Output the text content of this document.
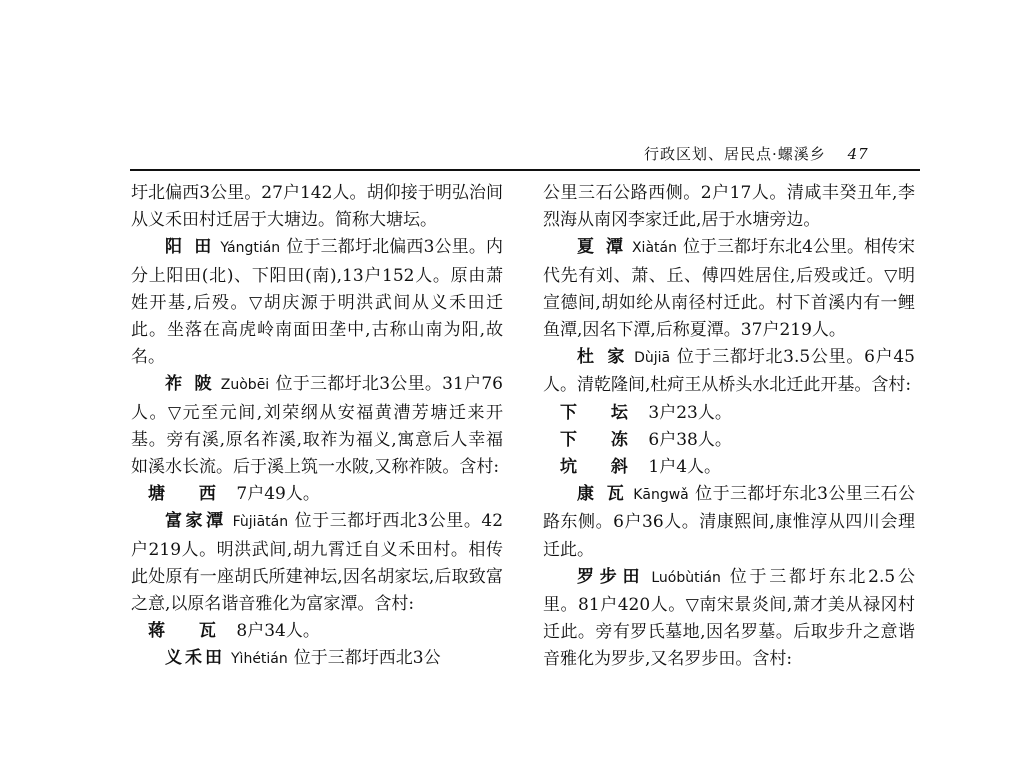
行政区划、居民点·螺溪乡 47

圩北偏西3公里。27户142人。胡仰接于明弘治间从义禾田村迁居于大塘边。简称大塘坛。

阳 田 Yángtián 位于三都圩北偏西3公里。内分上阳田(北)、下阳田(南),13户152人。原由萧姓开基,后殁。▽胡庆源于明洪武间从义禾田迁此。坐落在高虎岭南面田垄中,古称山南为阳,故名。

祚 陂 Zuòbēi 位于三都圩北3公里。31户76人。▽元至元间,刘荣纲从安福黄漕芳塘迁来开基。旁有溪,原名祚溪,取祚为福义,寓意后人幸福如溪水长流。后于溪上筑一水陂,又称祚陂。含村:

塘 西 7户49人。

富家潭 Fùjiātán 位于三都圩西北3公里。42户219人。明洪武间,胡九霄迁自义禾田村。相传此处原有一座胡氏所建神坛,因名胡家坛,后取致富之意,以原名谐音雅化为富家潭。含村:

蒋 瓦 8户34人。

义禾田 Yìhétián 位于三都圩西北3公

公里三石公路西侧。2户17人。清咸丰癸丑年,李烈海从南冈李家迁此,居于水塘旁边。

夏 潭 Xiàtán 位于三都圩东北4公里。相传宋代先有刘、萧、丘、傅四姓居住,后殁或迁。▽明宣德间,胡如纶从南径村迁此。村下首溪内有一鲤鱼潭,因名下潭,后称夏潭。37户219人。

杜 家 Dùjiā 位于三都圩北3.5公里。6户45人。清乾隆间,杜疴王从桥头水北迁此开基。含村:

下 坛 3户23人。

下 冻 6户38人。

坑 斜 1户4人。

康 瓦 Kāngwǎ 位于三都圩东北3公里三石公路东侧。6户36人。清康熙间,康惟淳从四川会理迁此。

罗步田 Luóbùtián 位于三都圩东北2.5公里。81户420人。▽南宋景炎间,萧才美从禄冈村迁此。旁有罗氏墓地,因名罗墓。后取步升之意谐音雅化为罗步,又名罗步田。含村:
